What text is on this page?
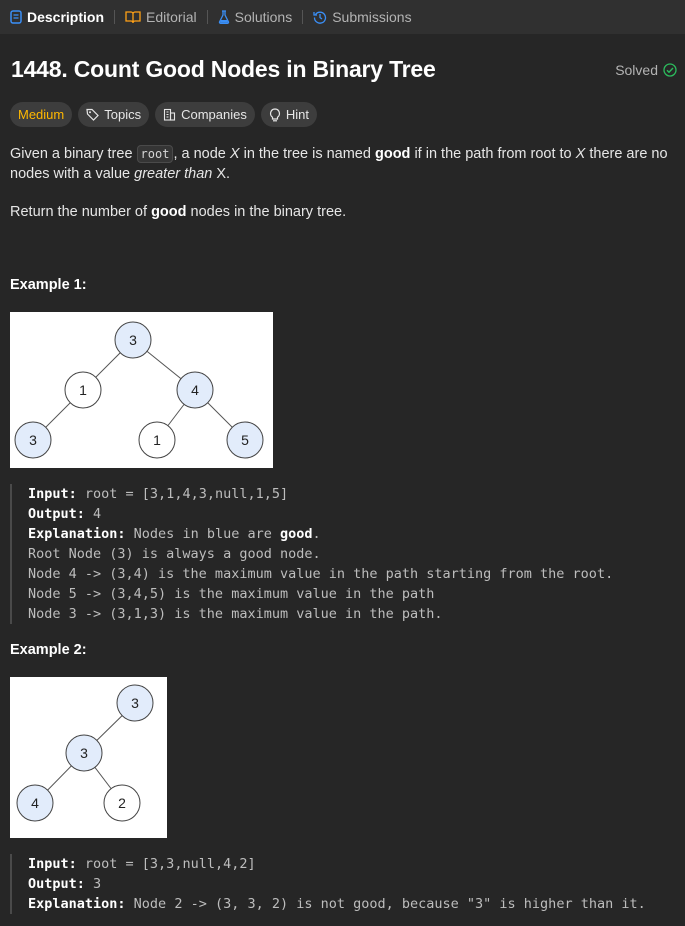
Description	Editorial	Solutions	Submissions
1448. Count Good Nodes in Binary Tree	Solved
Medium	Topics	Companies	Hint
Given a binary tree root , a node X in the tree is named good if in the path from root to X there are no nodes with a value greater than X.
Return the number of good nodes in the binary tree.
Example 1:
3
1	4
3	1	5
Input: root = [3,1,4,3,null,1,5]
Output: 4
Explanation: Nodes in blue are good.
Root Node (3) is always a good node.
Node 4 -> (3,4) is the maximum value in the path starting from the root.
Node 5 -> (3,4,5) is the maximum value in the path
Node 3 -> (3,1,3) is the maximum value in the path.
Example 2:
3
3
4	2
Input: root = [3,3,null,4,2]
Output: 3
Explanation: Node 2 -> (3, 3, 2) is not good, because "3" is higher than it.
